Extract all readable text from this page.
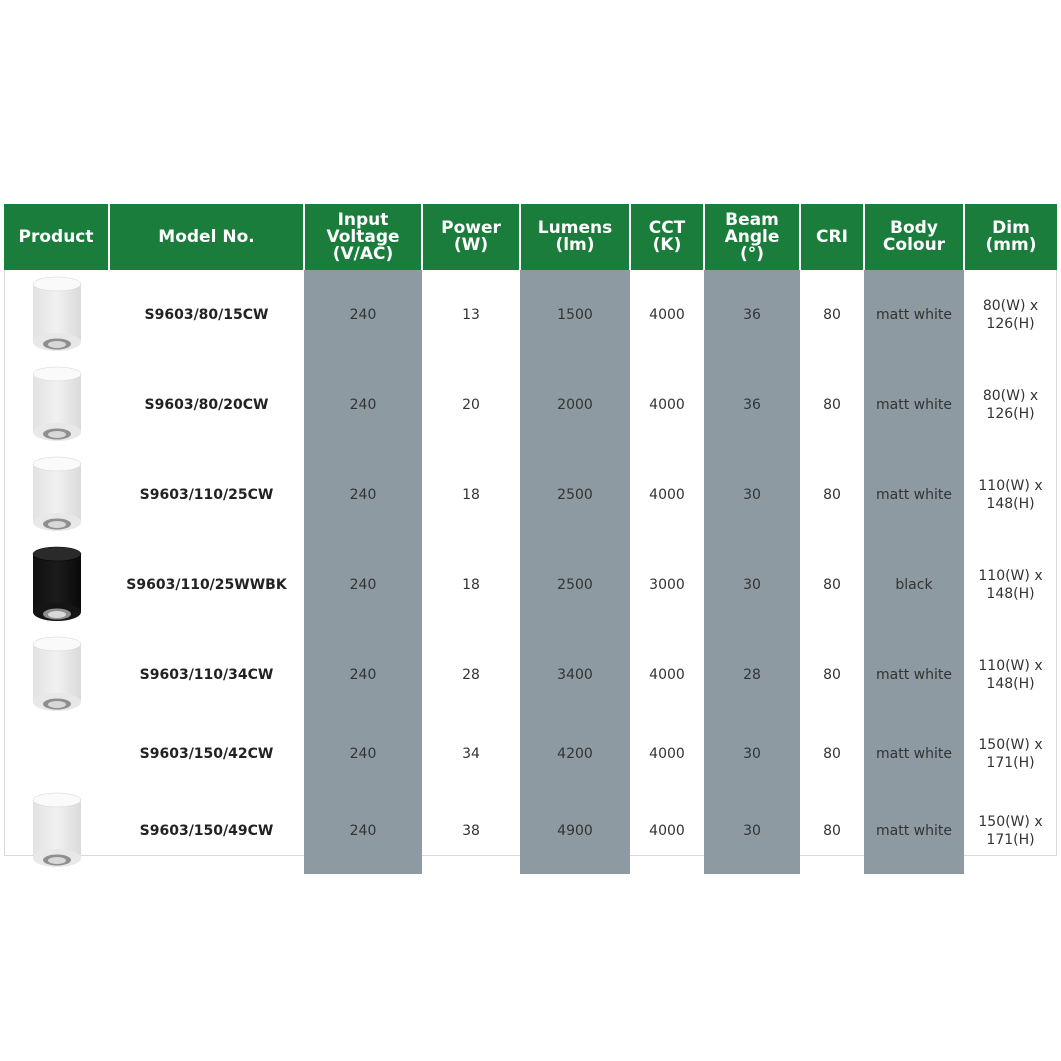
Product	Model No.	Input
Voltage
(V/AC)	Power
(W)	Lumens
(lm)	CCT
(K)	Beam
Angle
(°)	CRI	Body
Colour	Dim
(mm)

	S9603/80/15CW	240	13	1500	4000	36	80	matt white	80(W) x
126(H)

	S9603/80/20CW	240	20	2000	4000	36	80	matt white	80(W) x
126(H)

	S9603/110/25CW	240	18	2500	4000	30	80	matt white	110(W) x
148(H)

	S9603/110/25WWBK	240	18	2500	3000	30	80	black	110(W) x
148(H)

	S9603/110/34CW	240	28	3400	4000	28	80	matt white	110(W) x
148(H)
	S9603/150/42CW	240	34	4200	4000	30	80	matt white	150(W) x
171(H)

	S9603/150/49CW	240	38	4900	4000	30	80	matt white	150(W) x
171(H)
